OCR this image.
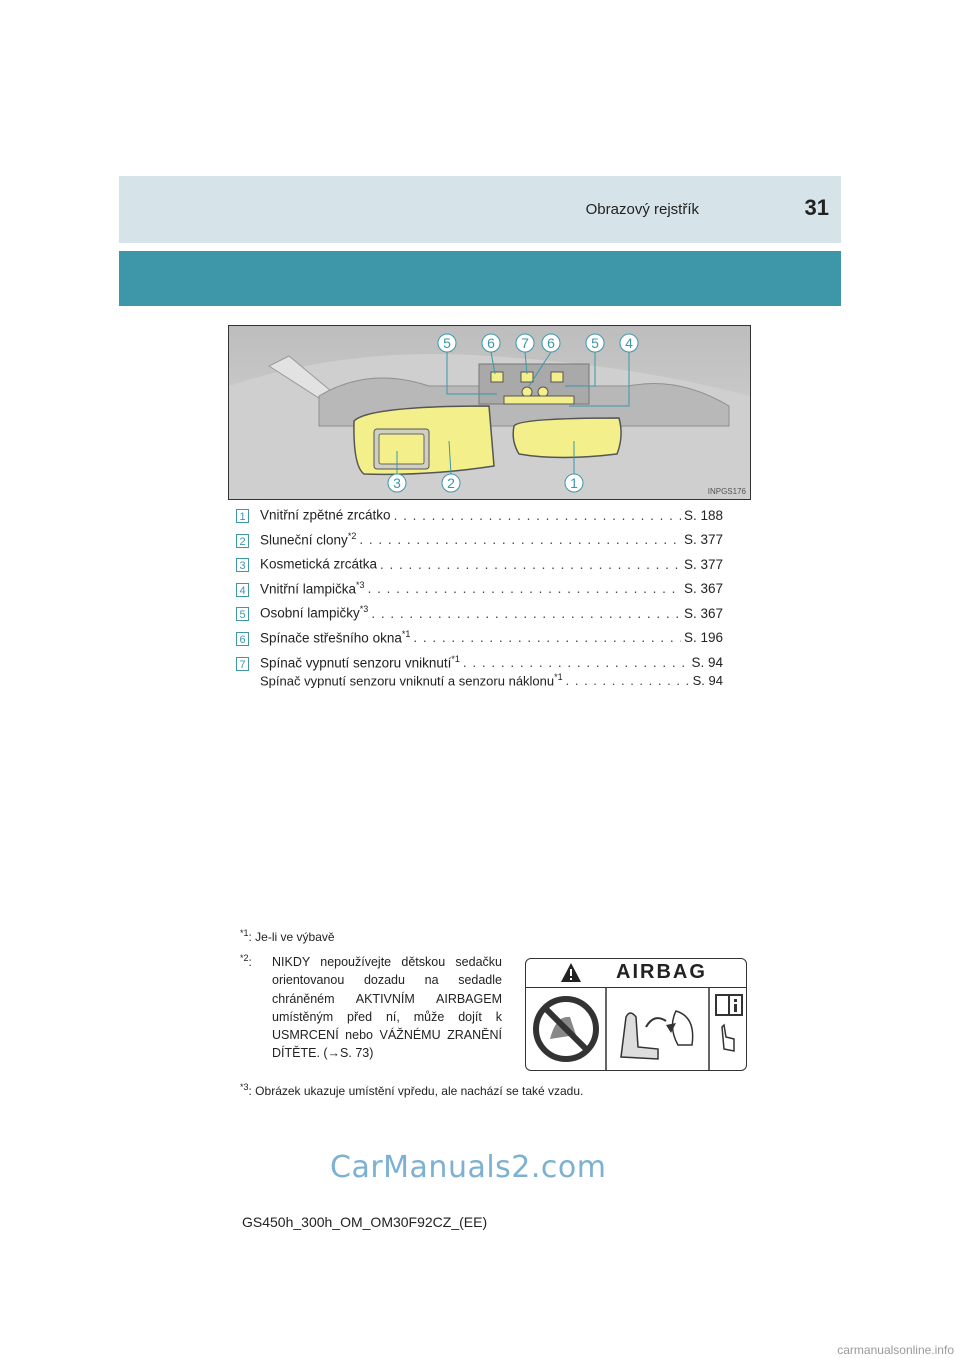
Obrazový rejstřík	31
5	6 7 6	5 4
3	2	1
INPGS176
1 Vnitřní zpětné zrcátko . . .	S. 188
2 Sluneční clony$^{*2}$ . . .	S. 377
3 Kosmetická zrcátka . . .	S. 377
4 Vnitřní lampička$^{*3}$ . . .	S. 367
5 Osobní lampičky$^{*3}$ . . .	S. 367
6 Spínače střešního okna$^{*1}$ . . .	S. 196
7 Spínač vypnutí senzoru vniknutí$^{*1}$ . . .	S. 94
Spínač vypnutí senzoru vniknutí a senzoru náklonu$^{*1}$ . . .	S. 94
$^{*1}$: Je-li ve výbavě
$^{*2}$: NIKDY nepoužívejte dětskou sedačku orientovanou dozadu na sedadle chráněném AKTIVNÍM AIRBAGEM umístěným před ní, může dojít k USMRCENÍ nebo VÁŽNÉMU ZRANĚNÍ DÍTĚTE. (→S. 73)
AIRBAG
$^{*3}$: Obrázek ukazuje umístění vpředu, ale nachází se také vzadu.
CarManuals2.com
GS450h_300h_OM_OM30F92CZ_(EE)
carmanualsonline.info
